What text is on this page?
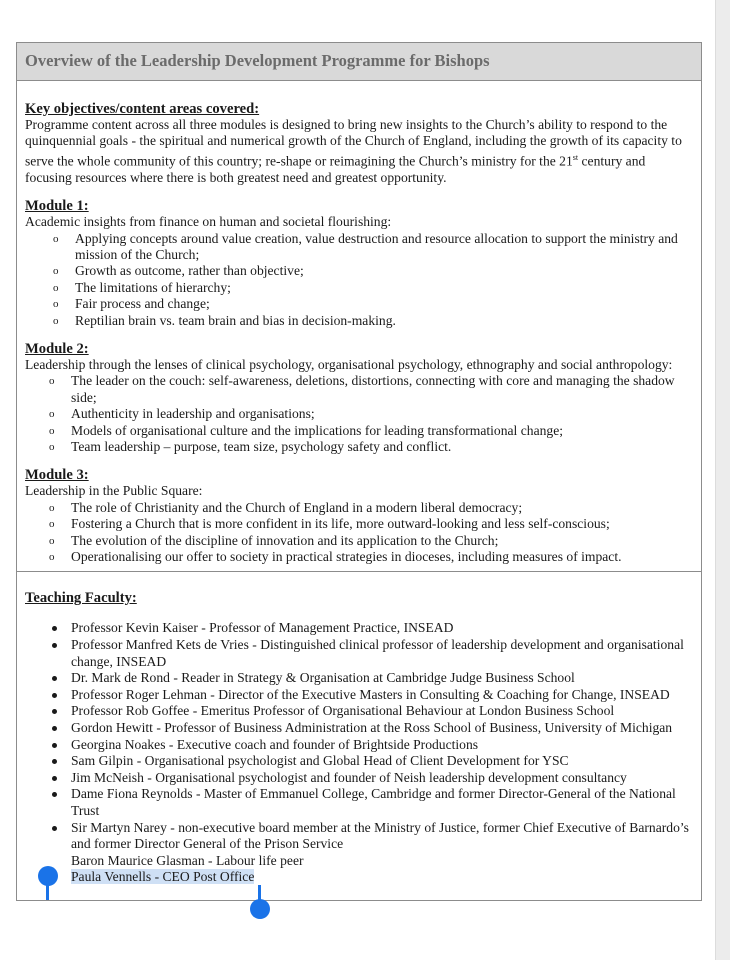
Overview of the Leadership Development Programme for Bishops
Key objectives/content areas covered:
Programme content across all three modules is designed to bring new insights to the Church’s ability to respond to the quinquennial goals - the spiritual and numerical growth of the Church of England, including the growth of its capacity to serve the whole community of this country; re-shape or reimagining the Church’s ministry for the 21st century and focusing resources where there is both greatest need and greatest opportunity.
Module 1:
Academic insights from finance on human and societal flourishing:
o Applying concepts around value creation, value destruction and resource allocation to support the ministry and mission of the Church;
o Growth as outcome, rather than objective;
o The limitations of hierarchy;
o Fair process and change;
o Reptilian brain vs. team brain and bias in decision-making.
Module 2:
Leadership through the lenses of clinical psychology, organisational psychology, ethnography and social anthropology:
o The leader on the couch: self-awareness, deletions, distortions, connecting with core and managing the shadow side;
o Authenticity in leadership and organisations;
o Models of organisational culture and the implications for leading transformational change;
o Team leadership – purpose, team size, psychology safety and conflict.
Module 3:
Leadership in the Public Square:
o The role of Christianity and the Church of England in a modern liberal democracy;
o Fostering a Church that is more confident in its life, more outward-looking and less self-conscious;
o The evolution of the discipline of innovation and its application to the Church;
o Operationalising our offer to society in practical strategies in dioceses, including measures of impact.
Teaching Faculty:
Professor Kevin Kaiser - Professor of Management Practice, INSEAD
Professor Manfred Kets de Vries - Distinguished clinical professor of leadership development and organisational change, INSEAD
Dr. Mark de Rond - Reader in Strategy & Organisation at Cambridge Judge Business School
Professor Roger Lehman - Director of the Executive Masters in Consulting & Coaching for Change, INSEAD
Professor Rob Goffee - Emeritus Professor of Organisational Behaviour at London Business School
Gordon Hewitt - Professor of Business Administration at the Ross School of Business, University of Michigan
Georgina Noakes - Executive coach and founder of Brightside Productions
Sam Gilpin - Organisational psychologist and Global Head of Client Development for YSC
Jim McNeish - Organisational psychologist and founder of Neish leadership development consultancy
Dame Fiona Reynolds - Master of Emmanuel College, Cambridge and former Director-General of the National Trust
Sir Martyn Narey - non-executive board member at the Ministry of Justice, former Chief Executive of Barnardo’s and former Director General of the Prison Service
Baron Maurice Glasman - Labour life peer
Paula Vennells - CEO Post Office
